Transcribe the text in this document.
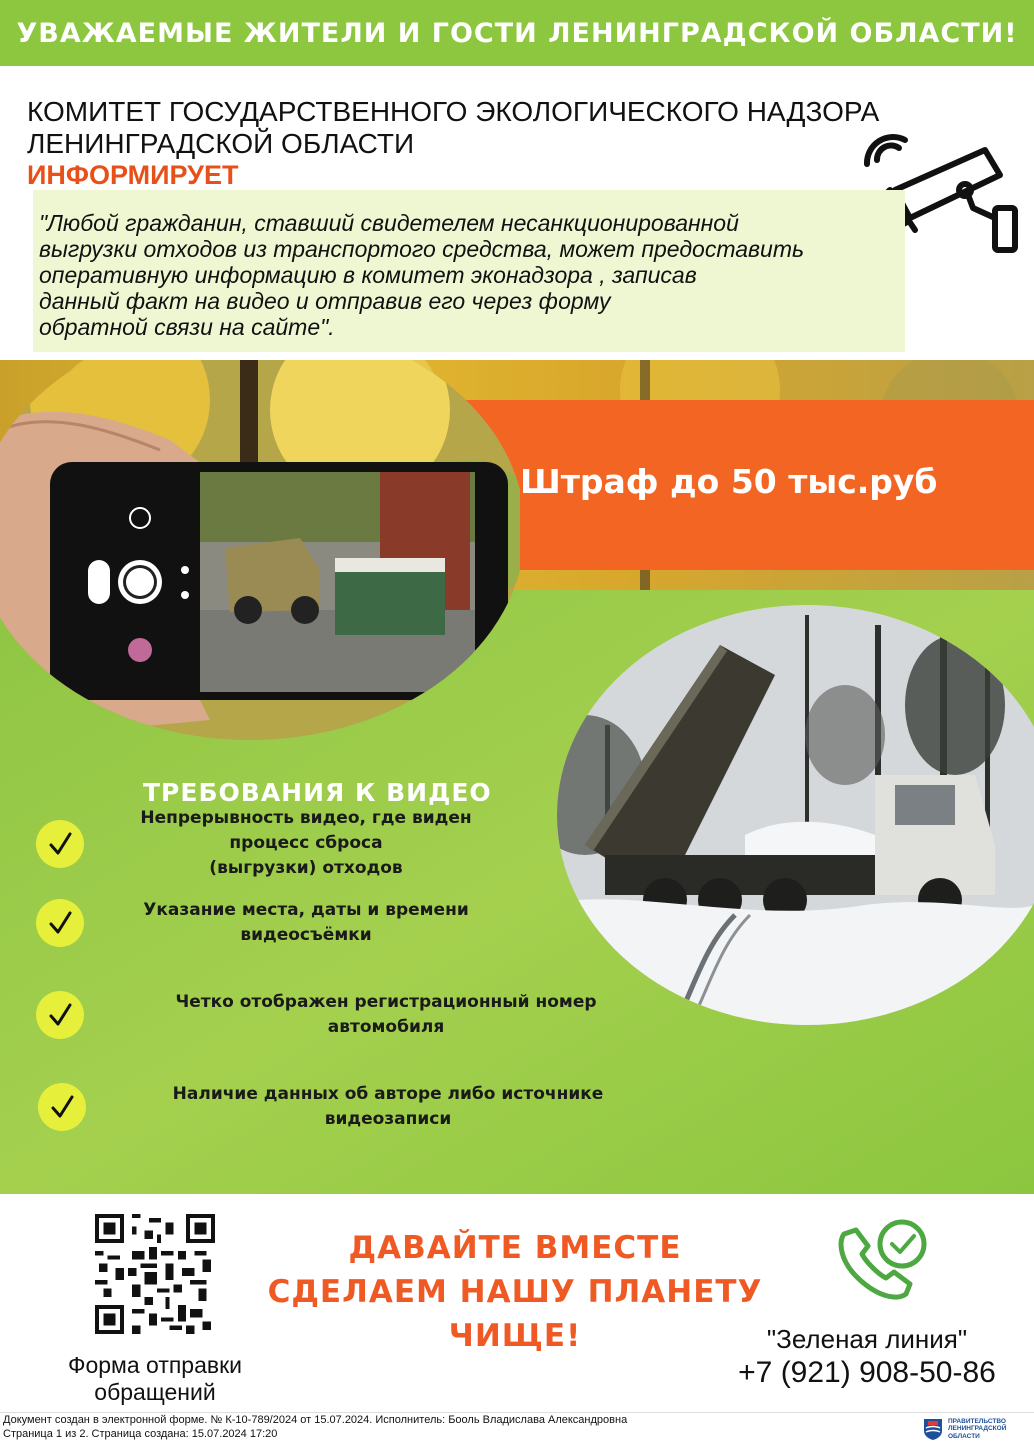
УВАЖАЕМЫЕ ЖИТЕЛИ И ГОСТИ ЛЕНИНГРАДСКОЙ ОБЛАСТИ!
КОМИТЕТ ГОСУДАРСТВЕННОГО ЭКОЛОГИЧЕСКОГО НАДЗОРА
ЛЕНИНГРАДСКОЙ ОБЛАСТИ
ИНФОРМИРУЕТ

"Любой гражданин, ставший свидетелем несанкционированной
выгрузки отходов из транспортого средства, может предоставить
оперативную информацию в комитет эконадзора , записав
данный факт на видео и отправив его через форму
обратной связи на сайте".

Штраф до 50 тыс.руб
ТРЕБОВАНИЯ К ВИДЕО
Непрерывность видео, где виден
процесс сброса
(выгрузки) отходов
Указание места, даты и времени
видеосъёмки
Четко отображен регистрационный номер
автомобиля
Наличие данных об авторе либо источнике
видеозаписи
Форма отправки
обращений
ДАВАЙТЕ ВМЕСТЕ
СДЕЛАЕМ НАШУ ПЛАНЕТУ
ЧИЩЕ!	"Зеленая линия"
+7 (921) 908-50-86
Документ создан в электронной форме. № К-10-789/2024 от 15.07.2024. Исполнитель: Бооль Владислава Александровна
Страница 1 из 2. Страница создана: 15.07.2024 17:20
ПРАВИТЕЛЬСТВО
ЛЕНИНГРАДСКОЙ
ОБЛАСТИ
